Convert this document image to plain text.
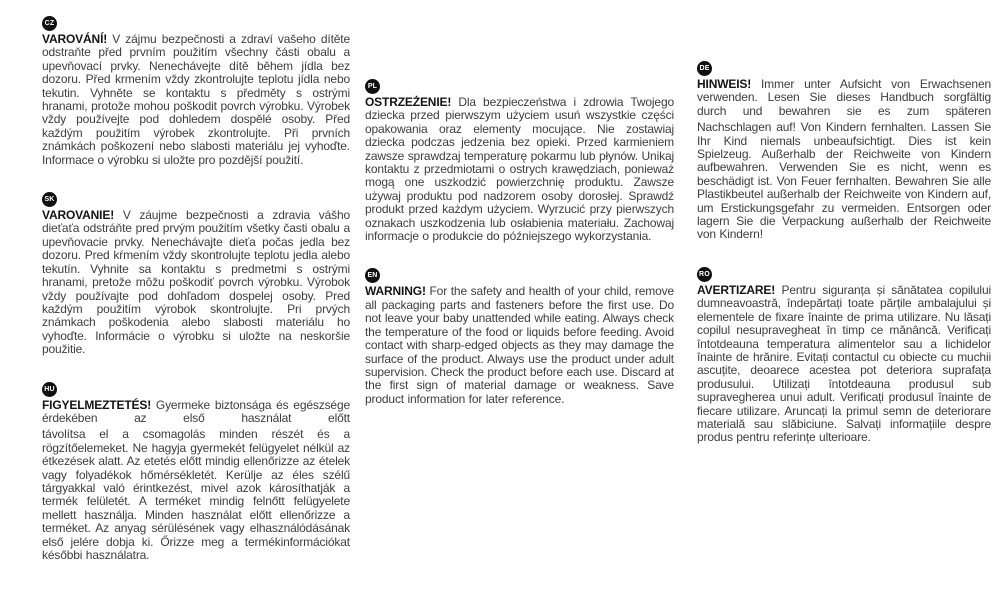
CZ

VAROVÁNÍ! V zájmu bezpečnosti a zdraví vašeho dítěte odstraňte před prvním použitím všechny části obalu a upevňovací prvky. Nenechávejte dítě během jídla bez dozoru. Před krmením vždy zkontrolujte teplotu jídla nebo tekutin. Vyhněte se kontaktu s předměty s ostrými hranami, protože mohou poškodit povrch výrobku. Výrobek vždy používejte pod dohledem dospělé osoby. Před každým použitím výrobek zkontrolujte. Při prvních známkách poškození nebo slabosti materiálu jej vyhoďte. Informace o výrobku si uložte pro pozdější použití.

SK

VAROVANIE! V záujme bezpečnosti a zdravia vášho dieťaťa odstráňte pred prvým použitím všetky časti obalu a upevňovacie prvky. Nenechávajte dieťa počas jedla bez dozoru. Pred kŕmením vždy skontrolujte teplotu jedla alebo tekutín. Vyhnite sa kontaktu s predmetmi s ostrými hranami, pretože môžu poškodiť povrch výrobku. Výrobok vždy používajte pod dohľadom dospelej osoby. Pred každým použitím výrobok skontrolujte. Pri prvých známkach poškodenia alebo slabosti materiálu ho vyhoďte. Informácie o výrobku si uložte na neskoršie použitie.

HU

FIGYELMEZTETÉS! Gyermeke biztonsága és egészsége érdekében az első használat előtt

távolítsa el a csomagolás minden részét és a rögzítőelemeket. Ne hagyja gyermekét felügyelet nélkül az étkezések alatt. Az etetés előtt mindig ellenőrizze az ételek vagy folyadékok hőmérsékletét. Kerülje az éles szélű tárgyakkal való érintkezést, mivel azok károsíthatják a termék felületét. A terméket mindig felnőtt felügyelete mellett használja. Minden használat előtt ellenőrizze a terméket. Az anyag sérülésének vagy elhasználódásának első jelére dobja ki. Őrizze meg a termékinformációkat későbbi használatra.

PL

OSTRZEŻENIE! Dla bezpieczeństwa i zdrowia Twojego dziecka przed pierwszym użyciem usuń wszystkie części opakowania oraz elementy mocujące. Nie zostawiaj dziecka podczas jedzenia bez opieki. Przed karmieniem zawsze sprawdzaj temperaturę pokarmu lub płynów. Unikaj kontaktu z przedmiotami o ostrych krawędziach, ponieważ mogą one uszkodzić powierzchnię produktu. Zawsze używaj produktu pod nadzorem osoby dorosłej. Sprawdź produkt przed każdym użyciem. Wyrzucić przy pierwszych oznakach uszkodzenia lub osłabienia materiału. Zachowaj informacje o produkcie do późniejszego wykorzystania.

EN

WARNING! For the safety and health of your child, remove all packaging parts and fasteners before the first use. Do not leave your baby unattended while eating. Always check the temperature of the food or liquids before feeding. Avoid contact with sharp-edged objects as they may damage the surface of the product. Always use the product under adult supervision. Check the product before each use. Discard at the first sign of material damage or weakness. Save product information for later reference.

DE

HINWEIS! Immer unter Aufsicht von Erwachsenen verwenden. Lesen Sie dieses Handbuch sorgfältig durch und bewahren sie es zum späteren

Nachschlagen auf! Von Kindern fernhalten. Lassen Sie Ihr Kind niemals unbeaufsichtigt. Dies ist kein Spielzeug. Außerhalb der Reichweite von Kindern aufbewahren. Verwenden Sie es nicht, wenn es beschädigt ist. Von Feuer fernhalten. Bewahren Sie alle Plastikbeutel außerhalb der Reichweite von Kindern auf, um Erstickungsgefahr zu vermeiden. Entsorgen oder lagern Sie die Verpackung außerhalb der Reichweite von Kindern!

RO

AVERTIZARE! Pentru siguranța și sănătatea copilului dumneavoastră, îndepărtați toate părțile ambalajului și elementele de fixare înainte de prima utilizare. Nu lăsați copilul nesupravegheat în timp ce mănâncă. Verificați întotdeauna temperatura alimentelor sau a lichidelor înainte de hrănire. Evitați contactul cu obiecte cu muchii ascuțite, deoarece acestea pot deteriora suprafața produsului. Utilizați întotdeauna produsul sub supravegherea unui adult. Verificați produsul înainte de fiecare utilizare. Aruncați la primul semn de deteriorare materială sau slăbiciune. Salvați informațiile despre produs pentru referințe ulterioare.
